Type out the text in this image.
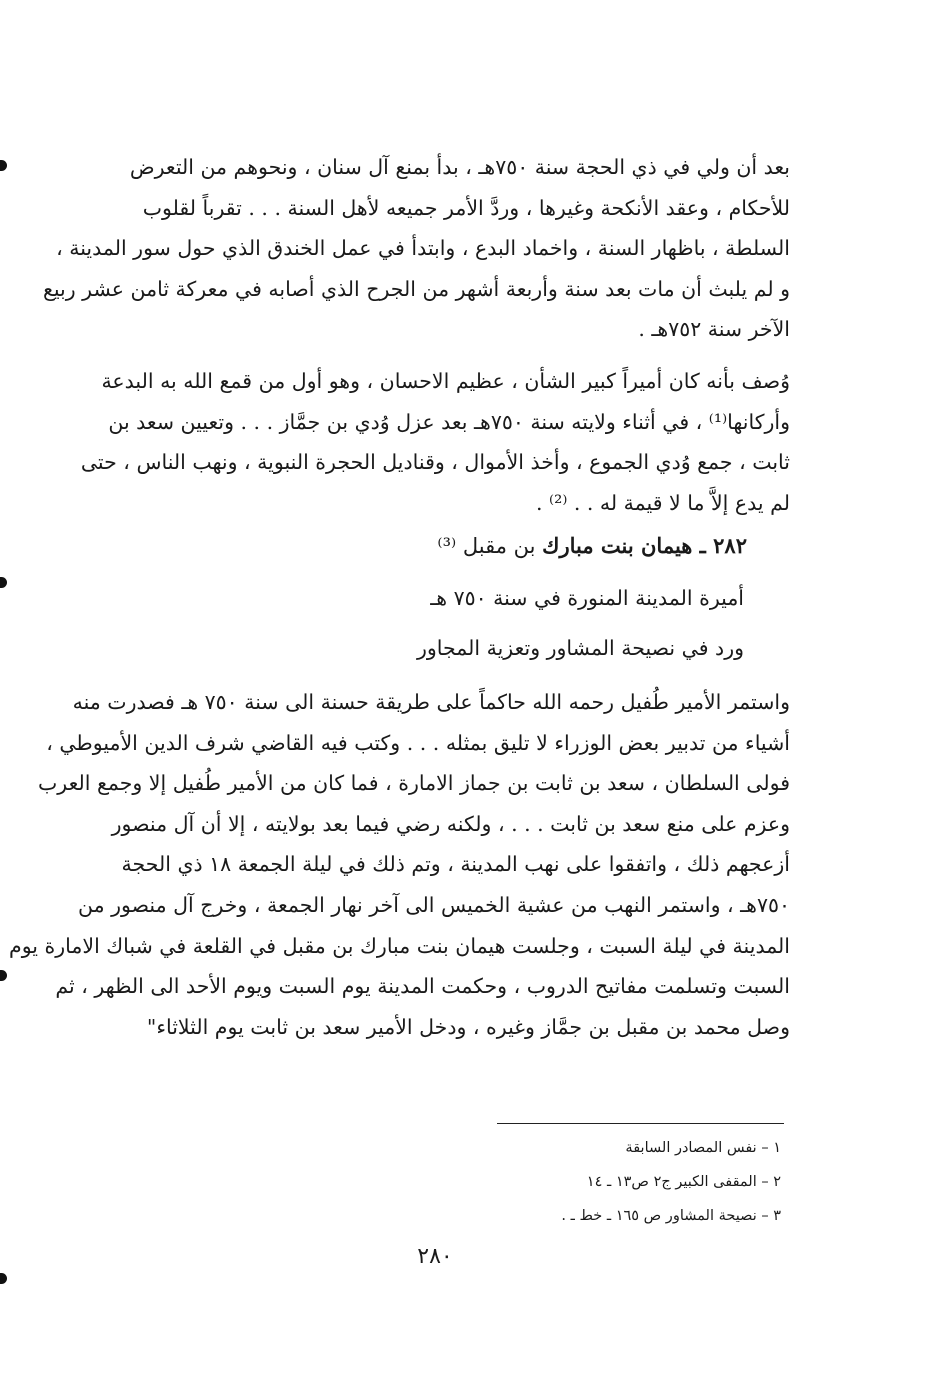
بعد أن ولي في ذي الحجة سنة ٧٥٠هـ ، بدأ بمنع آل سنان ، ونحوهم من التعرض
للأحكام ، وعقد الأنكحة وغيرها ، وردَّ الأمر جميعه لأهل السنة . . . تقرباً لقلوب
السلطة ، باظهار السنة ، واخماد البدع ، وابتدأ في عمل الخندق الذي حول سور المدينة ،
و لم يلبث أن مات بعد سنة وأربعة أشهر من الجرح الذي أصابه في معركة ثامن عشر ربيع
الآخر سنة ٧٥٢هـ .
وُصف بأنه كان أميراً كبير الشأن ، عظيم الاحسان ، وهو أول من قمع الله به البدعة
وأركانها⁽¹⁾ ، في أثناء ولايته سنة ٧٥٠هـ بعد عزل وُدي بن جمَّاز . . . وتعيين سعد بن
ثابت ، جمع وُدي الجموع ، وأخذ الأموال ، وقناديل الحجرة النبوية ، ونهب الناس ، حتى
لم يدع إلاَّ ما لا قيمة له . . ⁽²⁾ .
٢٨٢ ـ هيمان بنت مبارك بن مقبل ⁽³⁾
أميرة المدينة المنورة في سنة ٧٥٠ هـ
ورد في نصيحة المشاور وتعزية المجاور
واستمر الأمير طُفيل رحمه الله حاكماً على طريقة حسنة الى سنة ٧٥٠ هـ فصدرت منه
أشياء من تدبير بعض الوزراء لا تليق بمثله . . . وكتب فيه القاضي شرف الدين الأميوطي ،
فولى السلطان ، سعد بن ثابت بن جماز الامارة ، فما كان من الأمير طُفيل إلا وجمع العرب
وعزم على منع سعد بن ثابت . . . ، ولكنه رضي فيما بعد بولايته ، إلا أن آل منصور
أزعجهم ذلك ، واتفقوا على نهب المدينة ، وتم ذلك في ليلة الجمعة ١٨ ذي الحجة
٧٥٠هـ ، واستمر النهب من عشية الخميس الى آخر نهار الجمعة ، وخرج آل منصور من
المدينة في ليلة السبت ، وجلست هيمان بنت مبارك بن مقبل في القلعة في شباك الامارة يوم
السبت وتسلمت مفاتيح الدروب ، وحكمت المدينة يوم السبت ويوم الأحد الى الظهر ، ثم
وصل محمد بن مقبل بن جمَّاز وغيره ، ودخل الأمير سعد بن ثابت يوم الثلاثاء"
١ – نفس المصادر السابقة
٢ – المقفى الكبير ج٢ ص١٣ ـ ١٤
٣ – نصيحة المشاور ص ١٦٥ ـ خط ـ .
٢٨٠
